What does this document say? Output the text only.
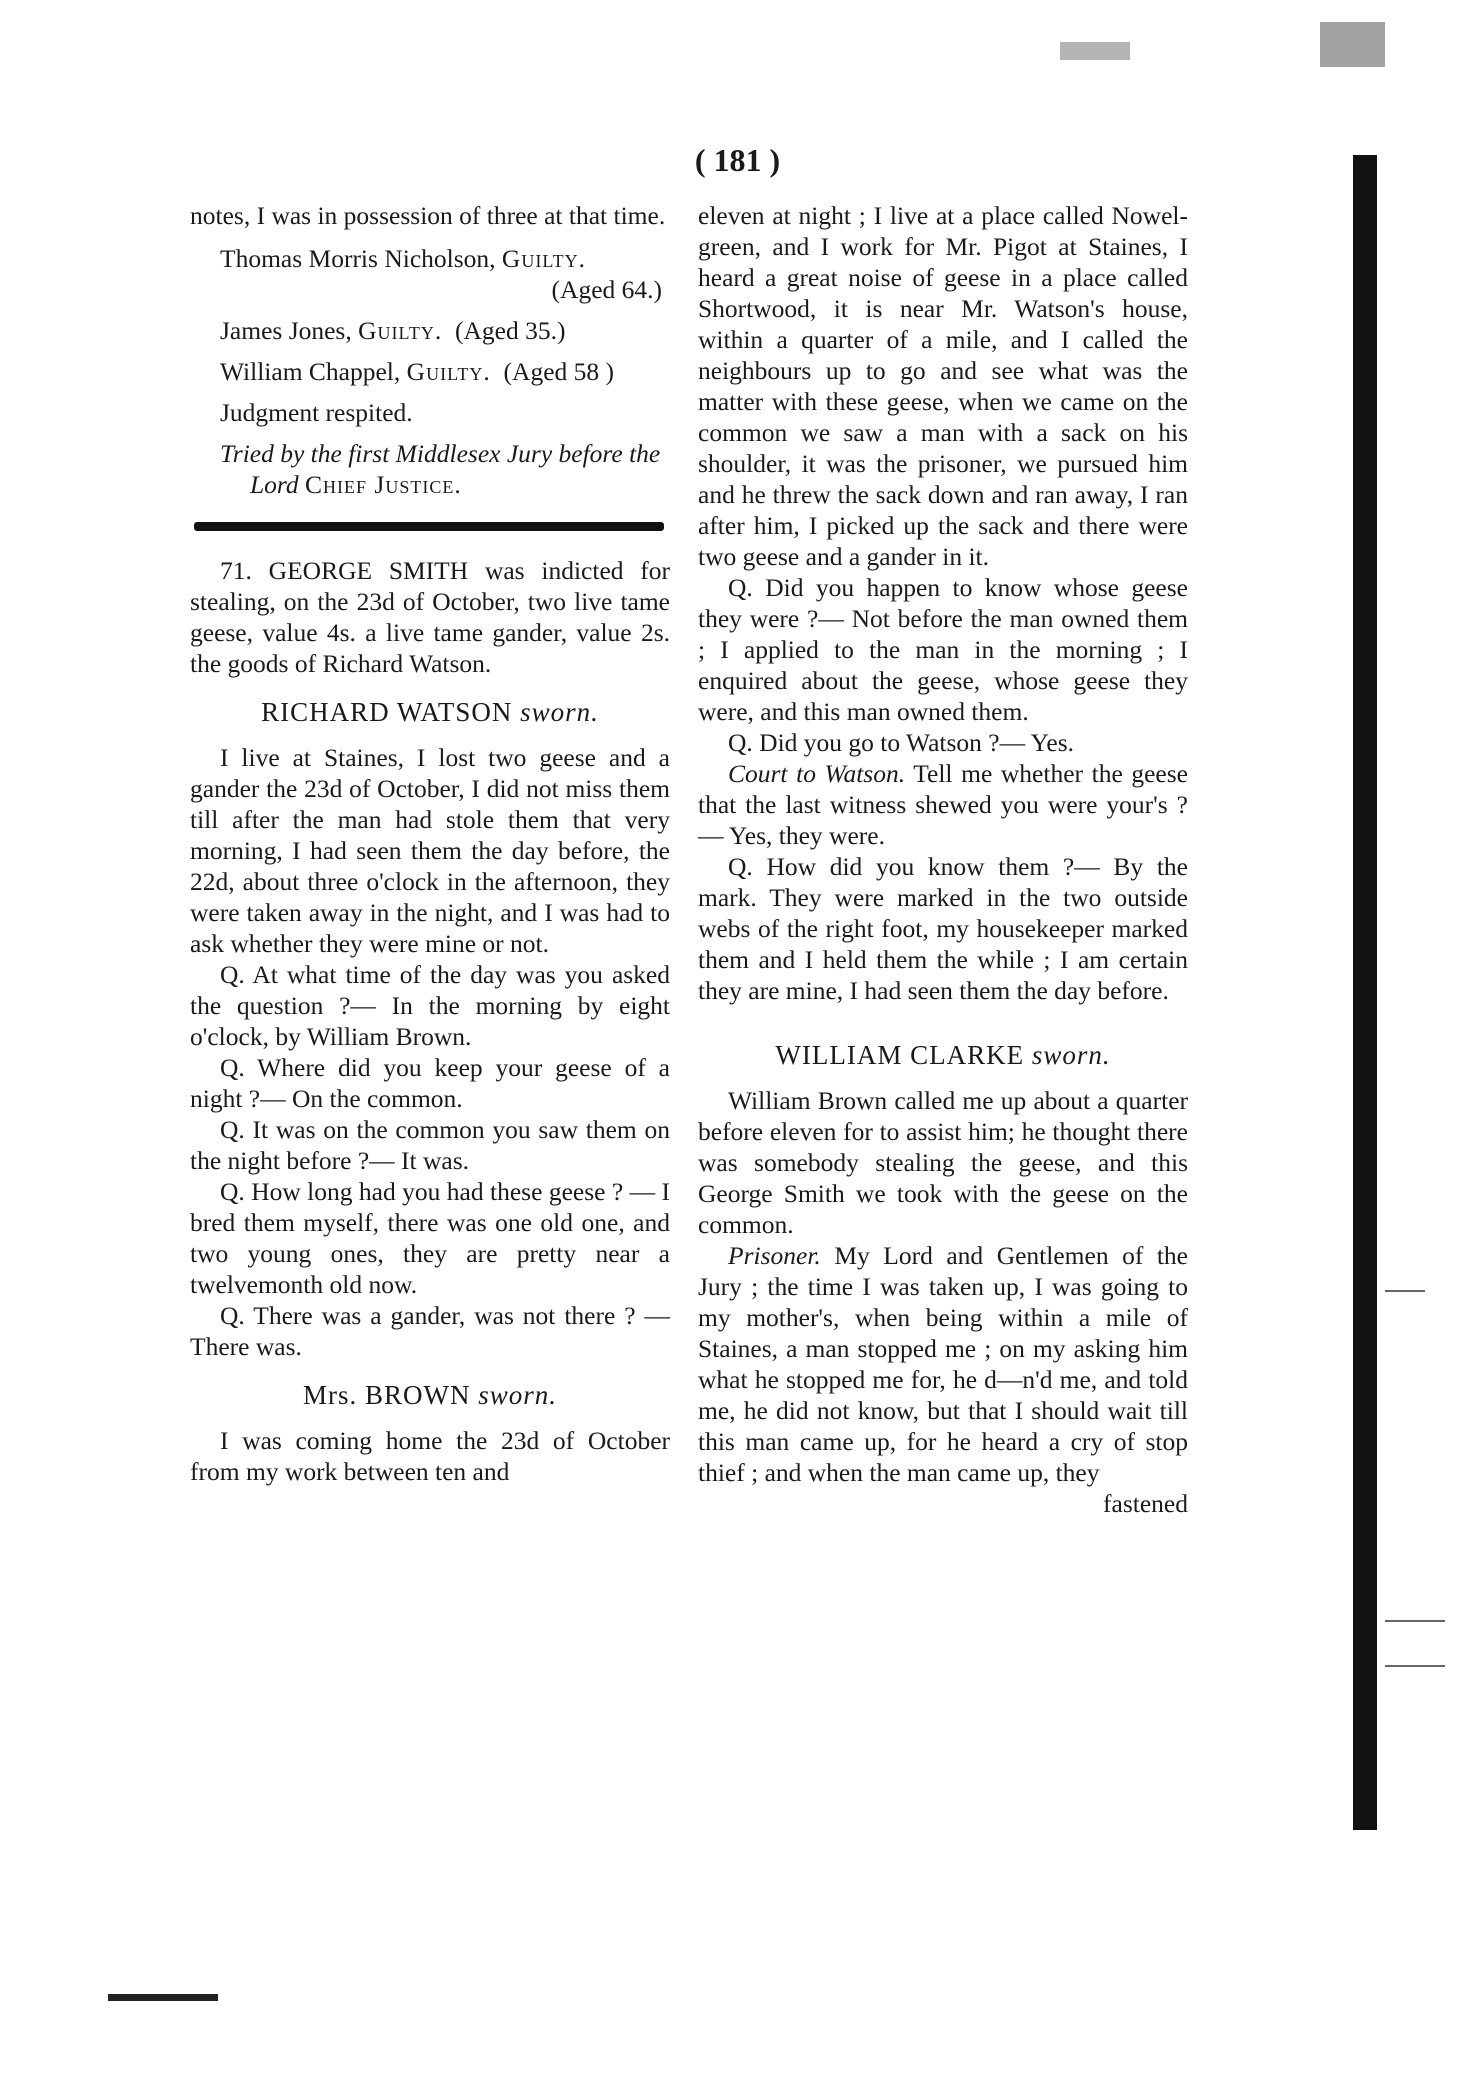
( 181 )

notes, I was in possession of three at that time.

Thomas Morris Nicholson, Guilty.
(Aged 64.)
James Jones, Guilty. (Aged 35.)
William Chappel, Guilty. (Aged 58 )

Judgment respited.

Tried by the first Middlesex Jury before the
Lord Chief Justice.

71. GEORGE SMITH was indicted for stealing, on the 23d of October, two live tame geese, value 4s. a live tame gander, value 2s. the goods of Richard Watson.

RICHARD WATSON sworn.

I live at Staines, I lost two geese and a gander the 23d of October, I did not miss them till after the man had stole them that very morning, I had seen them the day before, the 22d, about three o'clock in the afternoon, they were taken away in the night, and I was had to ask whether they were mine or not.

Q. At what time of the day was you asked the question ?— In the morning by eight o'clock, by William Brown.

Q. Where did you keep your geese of a night ?— On the common.

Q. It was on the common you saw them on the night before ?— It was.

Q. How long had you had these geese ? — I bred them myself, there was one old one, and two young ones, they are pretty near a twelvemonth old now.

Q. There was a gander, was not there ? — There was.

Mrs. BROWN sworn.

I was coming home the 23d of October from my work between ten and

eleven at night ; I live at a place called Nowel-green, and I work for Mr. Pigot at Staines, I heard a great noise of geese in a place called Shortwood, it is near Mr. Watson's house, within a quarter of a mile, and I called the neighbours up to go and see what was the matter with these geese, when we came on the common we saw a man with a sack on his shoulder, it was the prisoner, we pursued him and he threw the sack down and ran away, I ran after him, I picked up the sack and there were two geese and a gander in it.

Q. Did you happen to know whose geese they were ?— Not before the man owned them ; I applied to the man in the morning ; I enquired about the geese, whose geese they were, and this man owned them.

Q. Did you go to Watson ?— Yes.

Court to Watson. Tell me whether the geese that the last witness shewed you were your's ?— Yes, they were.

Q. How did you know them ?— By the mark. They were marked in the two outside webs of the right foot, my housekeeper marked them and I held them the while ; I am certain they are mine, I had seen them the day before.

WILLIAM CLARKE sworn.

William Brown called me up about a quarter before eleven for to assist him; he thought there was somebody stealing the geese, and this George Smith we took with the geese on the common.

Prisoner. My Lord and Gentlemen of the Jury ; the time I was taken up, I was going to my mother's, when being within a mile of Staines, a man stopped me ; on my asking him what he stopped me for, he d—n'd me, and told me, he did not know, but that I should wait till this man came up, for he heard a cry of stop thief ; and when the man came up, they

fastened
